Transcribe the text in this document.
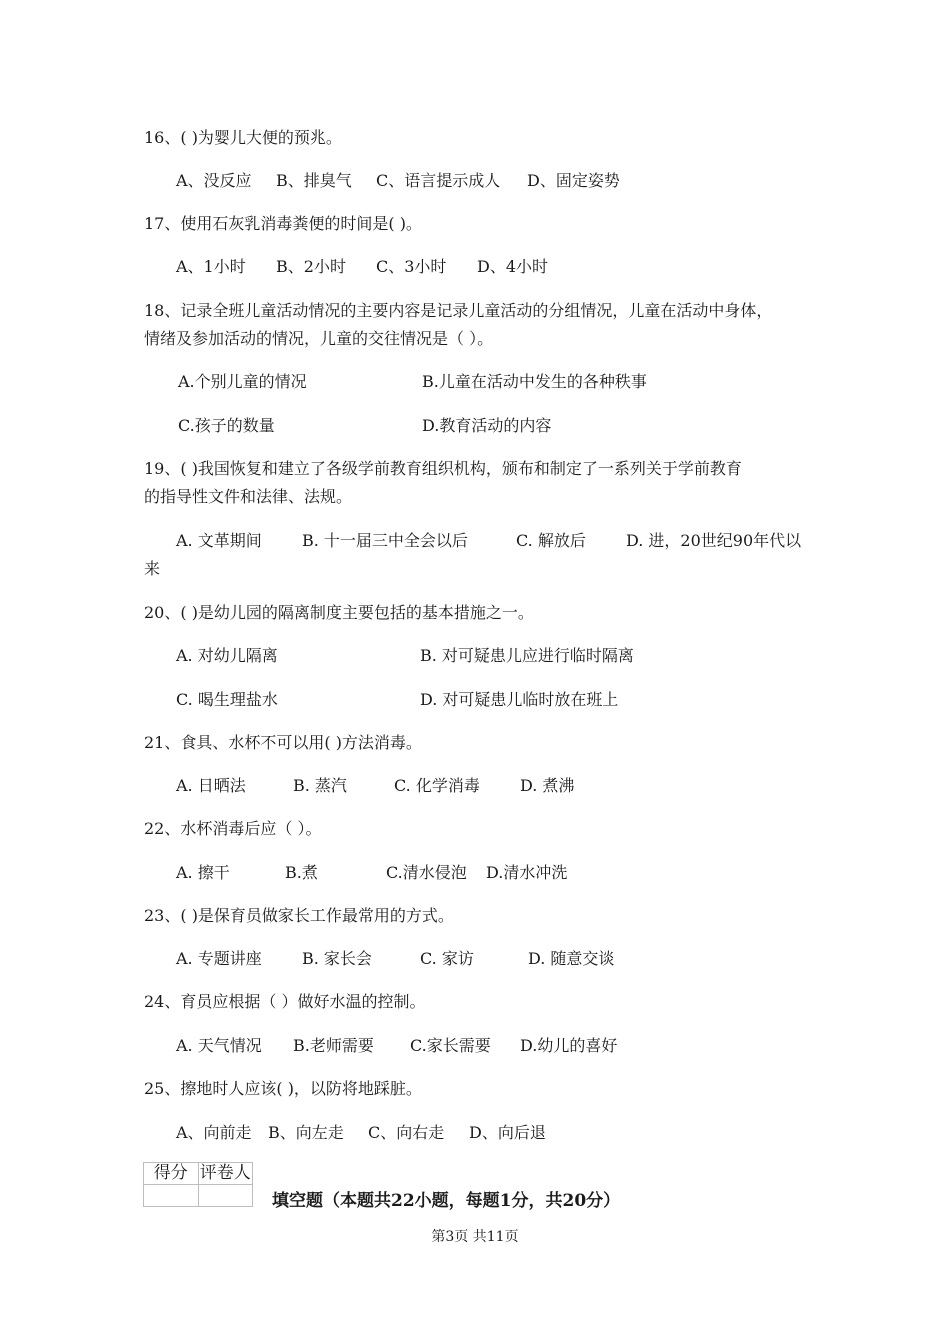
16、( )为婴儿大便的预兆。
A、没反应 B、排臭气 C、语言提示成人 D、固定姿势
17、使用石灰乳消毒粪便的时间是( )。
A、1小时 B、2小时 C、3小时 D、4小时
18、记录全班儿童活动情况的主要内容是记录儿童活动的分组情况，儿童在活动中身体，
情绪及参加活动的情况，儿童的交往情况是（ ）。
A.个别儿童的情况	B.儿童在活动中发生的各种秩事
C.孩子的数量	D.教育活动的内容
19、( )我国恢复和建立了各级学前教育组织机构，颁布和制定了一系列关于学前教育
的指导性文件和法律、法规。
A. 文革期间	B. 十一届三中全会以后	C. 解放后	D. 进，20世纪90年代以
来
20、( )是幼儿园的隔离制度主要包括的基本措施之一。
A. 对幼儿隔离	B. 对可疑患儿应进行临时隔离
C. 喝生理盐水	D. 对可疑患儿临时放在班上
21、食具、水杯不可以用( )方法消毒。
A. 日晒法	B. 蒸汽	C. 化学消毒	D. 煮沸
22、水杯消毒后应（ ）。
A. 擦干	B.煮	C.清水侵泡 D.清水冲洗
23、( )是保育员做家长工作最常用的方式。
A. 专题讲座	B. 家长会	C. 家访	D. 随意交谈
24、育员应根据（ ）做好水温的控制。
A. 天气情况 B.老师需要 C.家长需要 D.幼儿的喜好
25、擦地时人应该( )，以防将地踩脏。
A、向前走 B、向左走 C、向右走 D、向后退
得分	评卷人

填空题（本题共22小题，每题1分，共20分）
第3页 共11页
